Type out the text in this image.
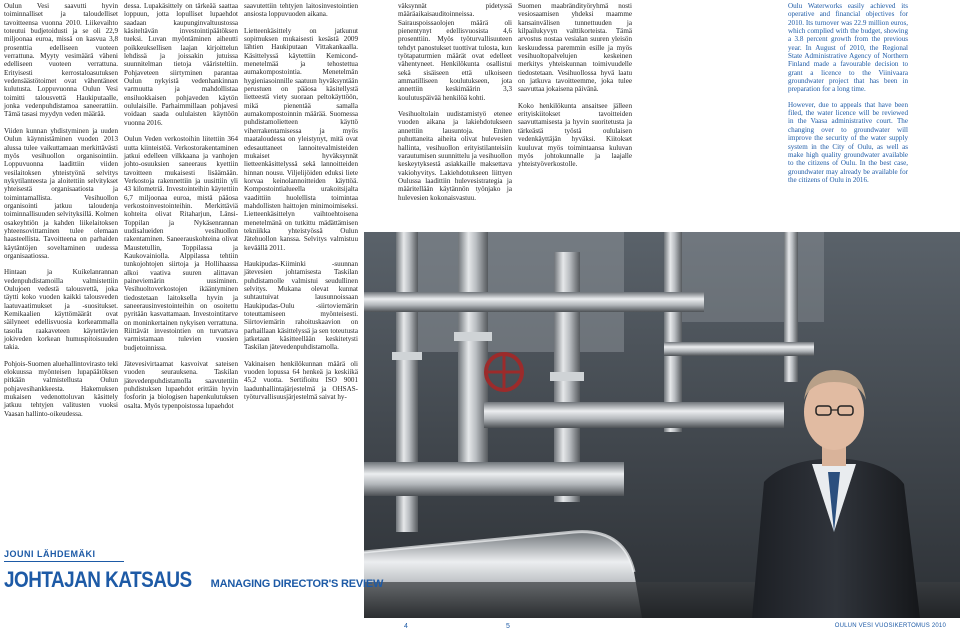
Oulun Vesi saavutti hyvin toiminnalliset ja taloudelliset tavoitteensa vuonna 2010. Liikevaihto toteutui budjetoidusti ja se oli 22,9 miljoonaa euroa, missä on kasvua 3,8 prosenttia edelliseen vuoteen verrattuna. Myyty vesimäärä väheni edelliseen vuoteen verrattuna. Erityisesti kerrostaloasutuksen vedensäästötoimet ovat vähentäneet kulutusta. Loppuvuonna Oulun Vesi toimitti talousvettä Haukiputaalle, jonka vedenpuhdistamoa saneerattiin. Tämä tasasi myydyn veden määrää.

Viiden kunnan yhdistyminen ja uuden Oulun käynnistäminen vuoden 2013 alussa tulee vaikuttamaan merkittävästi myös vesihuollon organisointiin. Loppuvuonna laadittiin viiden vesilaitoksen yhteistyönä selvitys nykytilanteesta ja aloitettiin selvitykset yhteisestä organisaatiosta ja toimintamallista. Vesihuollon organisointi jatkuu taloudenja toiminnallisuuden selvityksillä. Kolmen osakeyhtiön ja kahden liikelaitoksen yhteensovittaminen tulee olemaan haasteellista. Tavoitteena on parhaiden käytäntöjen soveltaminen uudessa organisaatiossa.

Hintaan ja Kuikelanrannan vedenpuhdistamoilla valmistettiin Oulujoen vedestä talousvettä, joka täytti koko vuoden kaikki talousveden laatuvaatimukset ja -suositukset. Kemikaalien käyttömäärät ovat säilyneet edellisvuosia korkeammalla tasolla raakaveteen käytettävien jokiveden korkean humuspitoisuuden takia.

Pohjois-Suomen aluehallintovirasto teki elokuussa myönteisen lupapäätöksen pitkään valmistellusta Oulun pohjavesihankkeesta. Hakemuksen mukaisen vedenottoluvan käsittely jatkuu tehtyjen valitusten vuoksi Vaasan hallinto-oikeudessa.

dessa. Lupakäsittely on tärkeää saattaa loppuun, jotta lopulliset lupaehdot saadaan kaupunginvaltuustossa käsiteltävän investointipäätöksen tueksi. Luvan myöntäminen aiheutti poikkeuksellisen laajan kirjoittelun lehdissä ja joissakin jutuissa suunnitelman tietoja vääristeltiin. Pohjaveteen siirtyminen parantaa Oulun nykyistä vedenhankinnan varmuutta ja mahdollistaa ensiluokkaisen pohjaveden käytön oululaisille. Parhaimmillaan pohjavesi voidaan saada oululaisten käyttöön vuonna 2016.

Oulun Veden verkostoihin liitettiin 364 uutta kiinteistöä. Verkostorakentaminen jatkui edelleen vilkkaana ja vanhojen johto-osuuksien saneeraus kyettiin tavoitteen mukaisesti lisäämään. Verkostoja rakennettiin ja uusittiin yli 43 kilometriä. Investointeihin käytettiin 6,7 miljoonaa euroa, mistä pääosa verkostoinvestointeihin. Merkittäviä kohteita olivat Ritaharjun, Länsi-Toppilan ja Nykäsenrannan uudisalueiden vesihuollon rakentaminen. Saneerauskohteina olivat Maustetullin, Toppilassa ja Kaukovainiolla. Alppilassa tehtiin tunkojohtojen siirtoja ja Hollihaassa alkoi vaativa suuren alittavan paineviemärin uusiminen. Vesihuoltoverkostojen ikääntyminen tiedostetaan laitoksella hyvin ja saneerausinvestointeihin on osoitettu pyritään kasvattamaan. Investointitarve on moninkertainen nykyisen verrattuna. Riittävät investointien on turvattava varmistamaan tulevien vuosien budjetoinnissa.

Jätevesivirtaamat kasvoivat sateisen vuoden seurauksena. Taskilan jätevedenpuhdistamolla saavutettiin puhdistuksen lupaehdot erittäin hyvin fosforin ja biologisen hapenkulutuksen osalta. Myös typenpoistossa lupaehdot

saavutettiin tehtyjen laitosinvestointien ansiosta loppuvuoden aikana.

Lietteenkäsittely on jatkunut sopimuksen mukaisesti kesästä 2009 lähtien Haukiputaan Vittakankaalla. Käsittelyssä käytettiin Kemicond-menetelmää ja tehostettua aumakompostointia. Menetelmän hygieniasoinnille saatuun hyväksyntään perustuen on pääosa käsitellystä lietteestä viety suoraan peltokäyttöön, mikä pienentää samalla aumakompostoinnin määrää. Suomessa puhdistamolietteen käyttö viherrakentamisessa ja myös maataloudessa on yleistynyt, mitä ovat edesauttaneet lannoitevalmisteiden mukaiset hyväksynnät lietteenkäsittelyssä sekä lannoitteiden hinnan nousu. Viljelijöiden eduksi liete korvaa keinolannoitteiden käyttöä. Kompostointialueella urakoitsijalta vaadittiin huolellista toimintaa mahdollisten haittojen minimoimiseksi. Lietteenkäsittelyn vaihtoehtoisena menetelmänä on tutkittu mädättämisen tekniikka yhteistyössä Oulun Jätehuollon kanssa. Selvitys valmistuu keväällä 2011.

Haukipudas-Kiiminki -suunnan jätevesien johtamisesta Taskilan puhdistamolle valmistui seudullinen selvitys. Mukana olevat kunnat suhtautuivat lausunnoissaan Haukipudas-Oulu -siirtoviemärin toteuttamiseen myönteisesti. Siirtoviemärin rahoituskaavion on parhaillaan käsittelyssä ja sen toteutusta jatketaan käsitteellään keskitetysti Taskilan jätevedenpuhdistamolla.

Vakinaisen henkilökunnan määrä oli vuoden lopussa 64 henkeä ja keskiikä 45,2 vuotta. Sertifioitu ISO 9001 laadunhallintajärjestelmä ja OHSAS-työturvallisuusjärjestelmä saivat hy-

väksynnät pidetyssä määräaikaisauditoinneissa. Sairauspoissaolojen määrä oli pienentynyt edellisvuosista 4,6 prosenttiin. Myös työturvallisuuteen tehdyt panostukset tuottivat tulosta, kun työtapaturmien määrät ovat edelleet vähentyneet. Henkilökunta osallistui sekä sisäiseen että ulkoiseen ammatilliseen koulutukseen, jota annettiin keskimäärin 3,3 koulutuspäivää henkilöä kohti.

Vesihuoltolain uudistamistyö etenee vuoden aikana ja lakiehdotukseen annettiin lausuntoja. Eniten puhuttaneita aiheita olivat hulevesien hallinta, vesihuollon erityistilanteisiin varautumisen suunnittelu ja vesihuollon keskeytyksestä asiakkaille maksettava vakiohyvitys. Lakiehdotukseen liittyen Oulussa laadittiin hulevesistrategia ja määritellään käytännön työnjako ja hulevesien kokonaisvastuu.

Suomen maabrändityöryhmä nosti vesiosaamisen yhdeksi maamme kansainvälisen tunnettuuden ja kilpailukyvyn valttikorteista. Tämä arvostus nostaa vesialan suuren yleisön keskuudessa paremmin esille ja myös vesihuoltopalvelujen keskeinen merkitys yhteiskunnan toimivuudelle tiedostetaan. Vesihuollossa hyvä laatu on jatkuva tavoitteemme, joka tulee saavuttaa jokaisena päivänä.

Koko henkilökunta ansaitsee jälleen erityiskiitokset tavoitteiden saavuttamisesta ja hyvin suoritetusta ja tärkeästä työstä oululaisen vedenkäyttäjän hyväksi. Kiitokset kuuluvat myös toimintaansa kuluvan myös johtokunnalle ja laajalle yhteistyöverkostolle.

Oulu Waterworks easily achieved its operative and financial objectives for 2010. Its turnover was 22.9 million euros, which complied with the budget, showing a 3.8 percent growth from the previous year. In August of 2010, the Regional State Administrative Agency of Northern Finland made a favourable decision to grant a licence to the Viinivaara groundwater project that has been in preparation for a long time.

However, due to appeals that have been filed, the water licence will be reviewed in the Vaasa administrative court. The changing over to groundwater will improve the security of the water supply system in the City of Oulu, as well as make high quality groundwater available to the citizens of Oulu. In the best case, groundwater may already be available for the citizens of Oulu in 2016.

JOUNI LÄHDEMÄKI
JOHTAJAN KATSAUS MANAGING DIRECTOR'S REVIEW
4	5	OULUN VESI VUOSIKERTOMUS 2010
